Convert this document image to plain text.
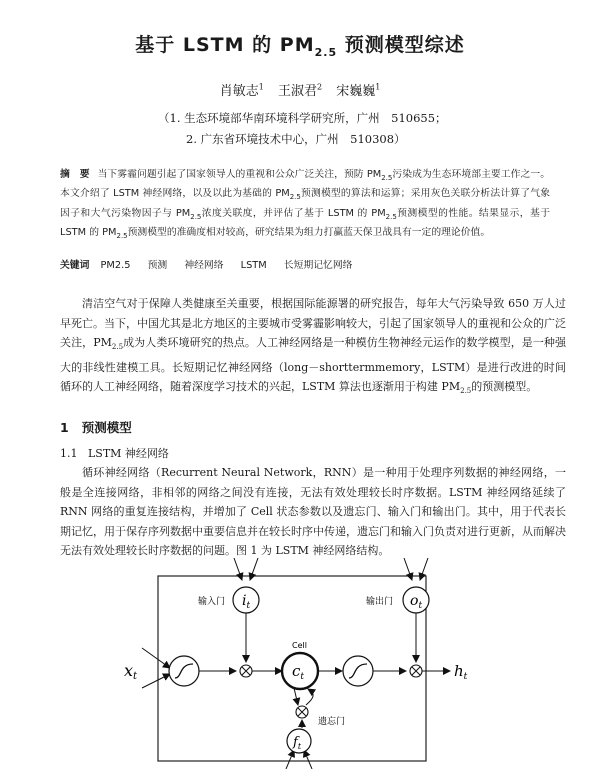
基于 LSTM 的 $PM_{2.5}$ 预测模型综述
肖敏志$^1$ 王淑君$^2$ 宋巍巍$^1$
（1. 生态环境部华南环境科学研究所，广州　510655；
2. 广东省环境技术中心，广州　510308）
摘　要 当下雾霾问题引起了国家领导人的重视和公众广泛关注，预防 $PM_{2.5}$污染成为生态环境部主要工作之一。本文介绍了 LSTM 神经网络，以及以此为基础的 $PM_{2.5}$预测模型的算法和运算；采用灰色关联分析法计算了气象因子和大气污染物因子与 $PM_{2.5}$浓度关联度，并评估了基于 LSTM 的 $PM_{2.5}$预测模型的性能。结果显示，基于 LSTM 的 $PM_{2.5}$预测模型的准确度相对较高，研究结果为组力打赢蓝天保卫战具有一定的理论价值。
关键词 PM2.5 预测 神经网络 LSTM 长短期记忆网络
清洁空气对于保障人类健康至关重要，根据国际能源署的研究报告，每年大气污染导致 650 万人过早死亡。当下，中国尤其是北方地区的主要城市受雾霾影响较大，引起了国家领导人的重视和公众的广泛关注，$PM_{2.5}$成为人类环境研究的热点。人工神经网络是一种模仿生物神经元运作的数学模型，是一种强大的非线性建模工具。长短期记忆神经网络（long－shorttermmemory，LSTM）是进行改进的时间循环的人工神经网络，随着深度学习技术的兴起，LSTM 算法也逐渐用于构建 $PM_{2.5}$的预测模型。
1 预测模型
1.1 LSTM 神经网络
循环神经网络（Recurrent Neural Network，RNN）是一种用于处理序列数据的神经网络，一般是全连接网络，非相邻的网络之间没有连接，无法有效处理较长时序数据。LSTM 神经网络延续了 RNN 网络的重复连接结构，并增加了 Cell 状态参数以及遗忘门、输入门和输出门。其中，用于代表长期记忆，用于保存序列数据中重要信息并在较长时序中传递，遗忘门和输入门负责对进行更新，从而解决无法有效处理较长时序数据的问题。图 1 为 LSTM 神经网络结构。
$i_t$
输入门	$o_t$
输出门
xt	$c_t$
Cell
$f_t$
遗忘门
$h_t$
